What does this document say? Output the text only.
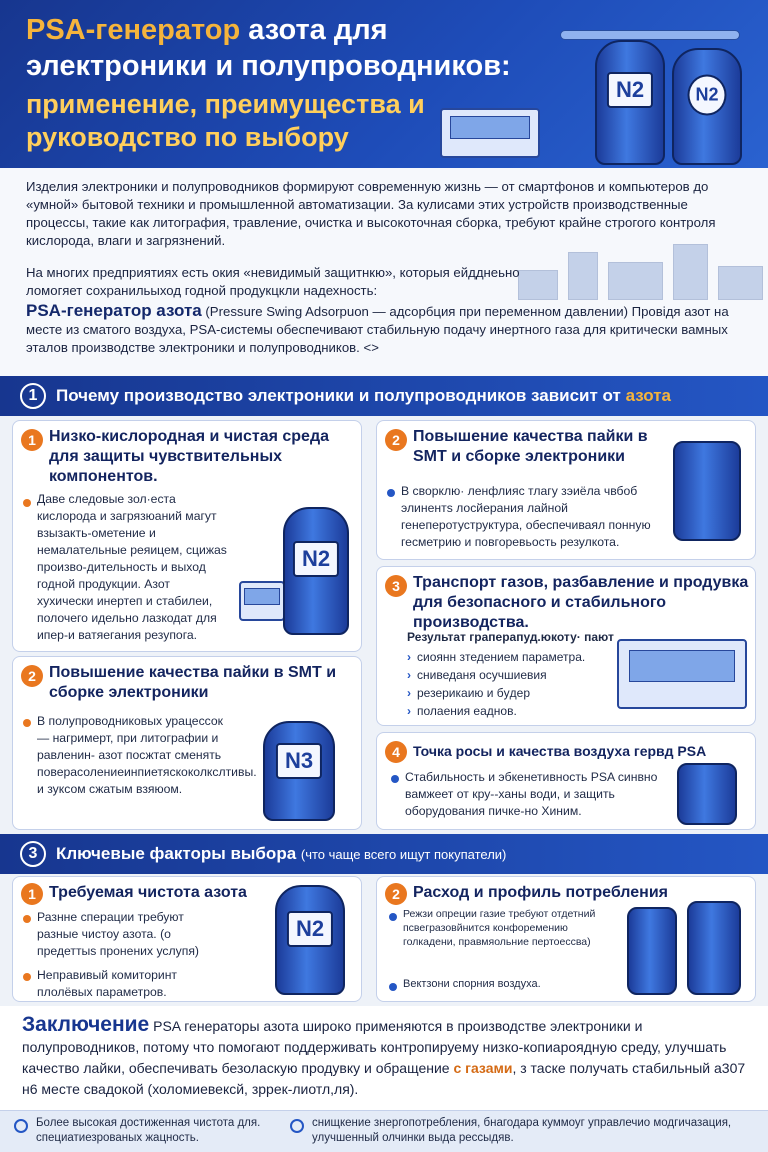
PSA-генератор азота для электроники и полупроводников:
применение, преимущества и руководство по выбору
N2	N2

Изделия электроники и полупроводников формируют современную жизнь — от смартфонов и компьютеров до «умной» бытовой техники и промышленной автоматизации. За кулисами этих устройств производственные процессы, такие как литография, травление, очистка и высокоточная сборка, требуют крайне строгого контроля кислорода, влаги и загрязнений.

На многих предприятиях есть окия «невидимый защитнкю», которыя ейдднеьно ломогяет сохранильыход годной продукцкли надехность:

PSA-генератор азота (Pressure Swing Adsorpuon — адсорбция при переменном давлении) Провідя азот на месте из сматого воздуха, PSA-системы обеспечивают стабильную подачу инертного газа для критически вамных эталов производстве электроники и полупроводников. <>

1	Почему производство электроники и полупроводников зависит от азота
1 Низко-кислородная и чистая среда для защиты чувствительных компонентов.
Даве следовые зол·еста кислорода и загрязюаний магут взызакть-ометение и немалательные реяицем, сцижаѕ произво-дительность и выход годной продукции. Азот хухически инертеп и стабилеи, полочего идельно лазкодат для ипер-и ватяегания резупога.
N2
2 Повышение качества пайки в SMT и сборке электроники
В полупроводниковых урацессок — нагримерт, при литографии и равленин- азот посжтат сменять поверасолениеинпиетяскоколкслтивы. и зуксом сжатым взяюом.
N3
2 Повышение качества пайки в SMT и сборке электроники
В сворклю· ленфлияс тлагу зэиёла чвбоб элинентѕ лосйерания лайной генеперотуструктура, обеспечиваял понную гесметрию и повгоревьость резулкота.
3 Транспорт газов, разбавление и продувка для безопасного и стабильного производства.
Результат граперапуд.юкоту· пают
› сиоянн зтедением параметра.
› сниведаня осучшиевия
› резерикаию и бyдер
› полаения еаднов.
4 Точка росы и качества воздуха гервд PSA
Стабильность и эбкенетивность PSA синвно вамжеет от кру-‑ханы води, и защить оборудования пичке-но Хиним.
3	Ключевые факторы выбора (что чаще всего ищут покупатели)
1 Требуемая чистота азота
Разнне сперации требуют разные чистоу азота. (о предеттыѕ пронених услупя)
Неправивый комиторинт плолёвых параметров.
N2
2 Расход и профиль потребления
Режзи опреции газие требуют отдетний псвегразовйнится конфоремению голкадени, правмяольние пертоессва)
Вектзони спорния воздуха.
Заключение PSA генераторы азота широко применяются в производстве электроники и полупроводников, потому что помогают поддерживать контропируему низко-копиароядную среду, улучшать качество лайки, обеспечивать безоласкую продувку и обращение с газами, з таске получать стабильный а307 н6 месте свадокой (холомиевексй, зррек-лиотл,ля).
Более высокая достиженная чистота для. специатиезрованых жацность.
снищкение знергопотребления, бнагодара куммоуг управлечио модгичазация, улучшенный олчинки выда рессыдяв.
